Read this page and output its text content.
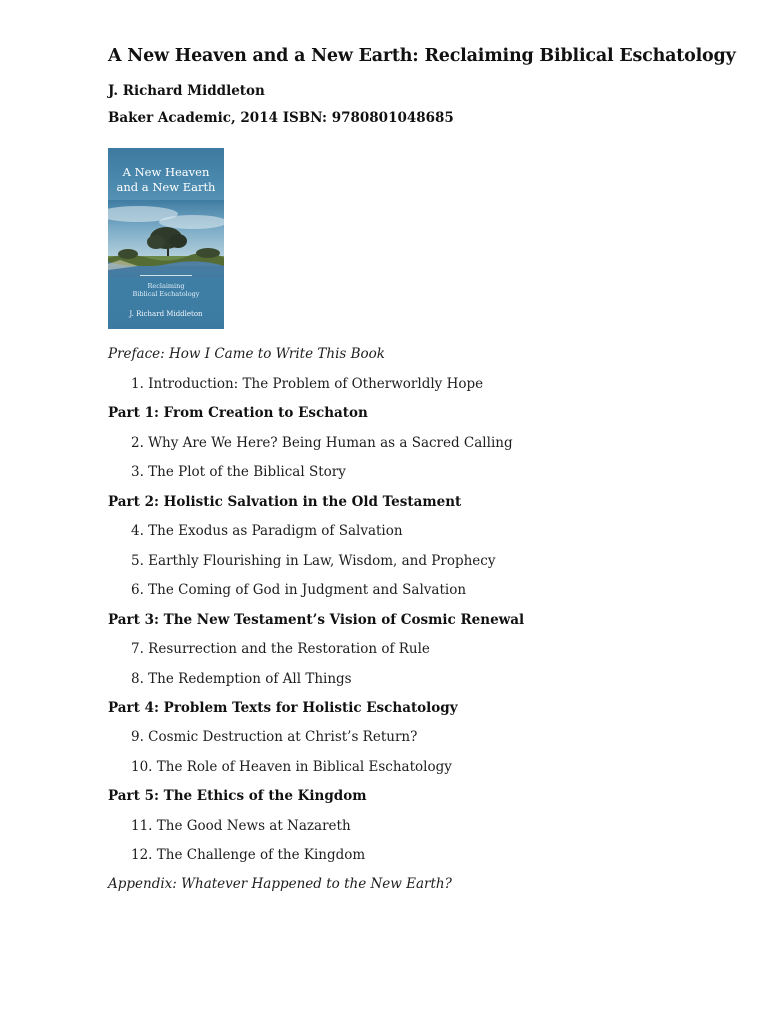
A New Heaven and a New Earth: Reclaiming Biblical Eschatology
J. Richard Middleton
Baker Academic, 2014 ISBN: 9780801048685
A New Heaven
and a New Earth
Reclaiming
Biblical Eschatology
J. Richard Middleton
Preface: How I Came to Write This Book
1. Introduction: The Problem of Otherworldly Hope
Part 1: From Creation to Eschaton
2. Why Are We Here? Being Human as a Sacred Calling
3. The Plot of the Biblical Story
Part 2: Holistic Salvation in the Old Testament
4. The Exodus as Paradigm of Salvation
5. Earthly Flourishing in Law, Wisdom, and Prophecy
6. The Coming of God in Judgment and Salvation
Part 3: The New Testament’s Vision of Cosmic Renewal
7. Resurrection and the Restoration of Rule
8. The Redemption of All Things
Part 4: Problem Texts for Holistic Eschatology
9. Cosmic Destruction at Christ’s Return?
10. The Role of Heaven in Biblical Eschatology
Part 5: The Ethics of the Kingdom
11. The Good News at Nazareth
12. The Challenge of the Kingdom
Appendix: Whatever Happened to the New Earth?
